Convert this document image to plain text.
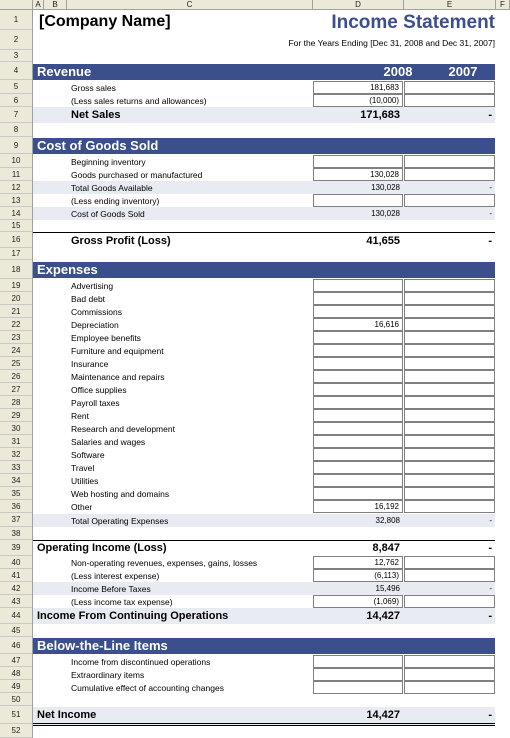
A	B	C	D	E	F
1
2
3
4
5
6
7
8
9
10
11
12
13
14
15
16
17
18
19
20
21
22
23
24
25
26
27
28
29
30
31
32
33
34
35
36
37
38
39
40
41
42
43
44
45
46
47
48
49
50
51
52
[Company Name]	Income Statement
For the Years Ending [Dec 31, 2008 and Dec 31, 2007]
Revenue	2008	2007
Gross sales	181,683
(Less sales returns and allowances)	(10,000)
Net Sales	171,683	-
Cost of Goods Sold
Beginning inventory
Goods purchased or manufactured	130,028
Total Goods Available	130,028	-
(Less ending inventory)
Cost of Goods Sold	130,028	-
Gross Profit (Loss)	41,655	-
Expenses
Advertising
Bad debt
Commissions
Depreciation	16,616
Employee benefits
Furniture and equipment
Insurance
Maintenance and repairs
Office supplies
Payroll taxes
Rent
Research and development
Salaries and wages
Software
Travel
Utilities
Web hosting and domains
Other	16,192
Total Operating Expenses	32,808	-
Operating Income (Loss)	8,847	-
Non-operating revenues, expenses, gains, losses	12,762
(Less interest expense)	(6,113)
Income Before Taxes	15,496	-
(Less income tax expense)	(1,069)
Income From Continuing Operations	14,427	-
Below-the-Line Items
Income from discontinued operations
Extraordinary items
Cumulative effect of accounting changes
Net Income	14,427	-
